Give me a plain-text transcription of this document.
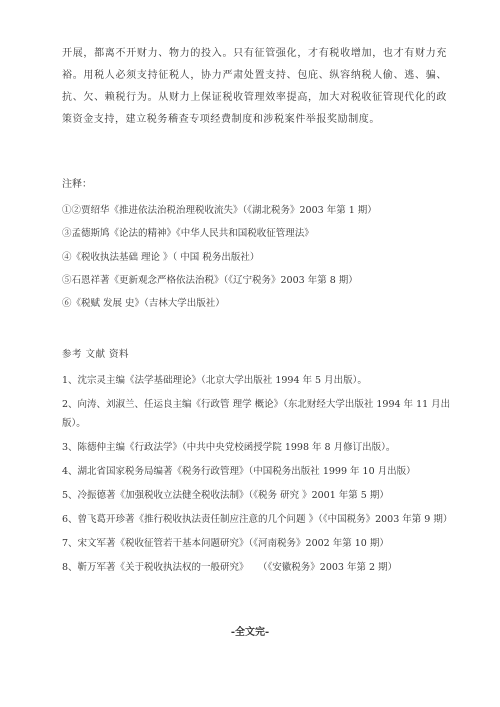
开展，都离不开财力、物力的投入。只有征管强化，才有税收增加，也才有财力充裕。用税人必须支持征税人，协力严肃处置支持、包庇、纵容纳税人偷、逃、骗、抗、欠、赖税行为。从财力上保证税收管理效率提高，加大对税收征管现代化的政策资金支持，建立税务稽查专项经费制度和涉税案件举报奖励制度。

注释：

①②贾绍华《推进依法治税治理税收流失》（《湖北税务》2003 年第 1 期）
③孟德斯鸠《论法的精神》《中华人民共和国税收征管理法》
④《税收执法基础 理论 》（ 中国 税务出版社）
⑤石恩祥著《更新观念严格依法治税》（《辽宁税务》2003 年第 8 期）
⑥《税赋 发展 史》（吉林大学出版社）

参考 文献 资料

1、沈宗灵主编《法学基础理论》（北京大学出版社 1994 年 5 月出版）。
2、向涛、刘淑兰、任运良主编《行政管 理学 概论》（东北财经大学出版社 1994 年 11 月出版）。
3、陈德仲主编《行政法学》（中共中央党校函授学院 1998 年 8 月修订出版）。
4、湖北省国家税务局编著《税务行政管理》（中国税务出版社 1999 年 10 月出版）
5、冷振德著《加强税收立法健全税收法制》（《税务 研究 》2001 年第 5 期）
6、曾飞葛开珍著《推行税收执法责任制应注意的几个问题 》（《中国税务》2003 年第 9 期）
7、宋文军著《税收征管若干基本问题研究》（《河南税务》2002 年第 10 期）
8、靳万军著《关于税收执法权的一般研究》　　（《安徽税务》2003 年第 2 期）

-全文完-
